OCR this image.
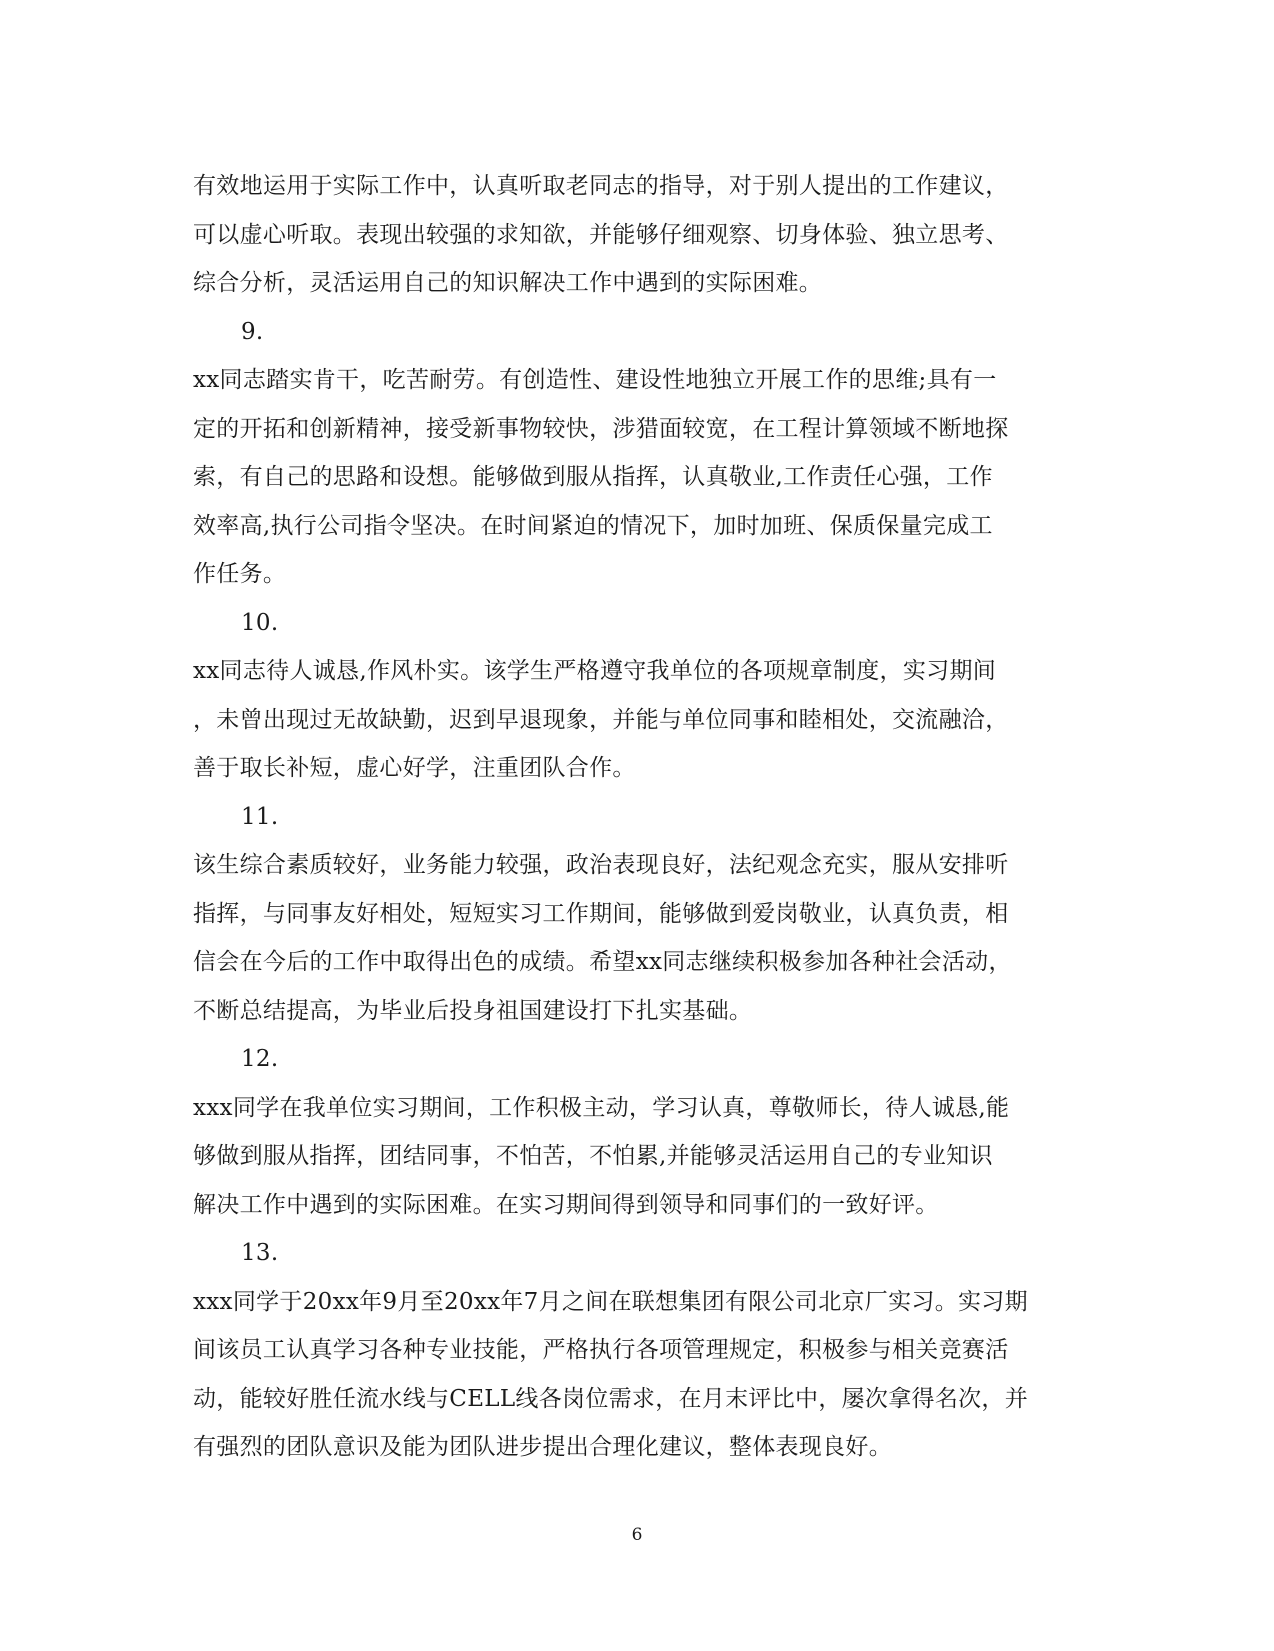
有效地运用于实际工作中，认真听取老同志的指导，对于别人提出的工作建议，
可以虚心听取。表现出较强的求知欲，并能够仔细观察、切身体验、独立思考、
综合分析，灵活运用自己的知识解决工作中遇到的实际困难。
9.
xx同志踏实肯干，吃苦耐劳。有创造性、建设性地独立开展工作的思维;具有一
定的开拓和创新精神，接受新事物较快，涉猎面较宽，在工程计算领域不断地探
索，有自己的思路和设想。能够做到服从指挥，认真敬业,工作责任心强，工作
效率高,执行公司指令坚决。在时间紧迫的情况下，加时加班、保质保量完成工
作任务。
10.
xx同志待人诚恳,作风朴实。该学生严格遵守我单位的各项规章制度，实习期间
，未曾出现过无故缺勤，迟到早退现象，并能与单位同事和睦相处，交流融洽，
善于取长补短，虚心好学，注重团队合作。
11.
该生综合素质较好，业务能力较强，政治表现良好，法纪观念充实，服从安排听
指挥，与同事友好相处，短短实习工作期间，能够做到爱岗敬业，认真负责，相
信会在今后的工作中取得出色的成绩。希望xx同志继续积极参加各种社会活动，
不断总结提高，为毕业后投身祖国建设打下扎实基础。
12.
xxx同学在我单位实习期间，工作积极主动，学习认真，尊敬师长，待人诚恳,能
够做到服从指挥，团结同事，不怕苦，不怕累,并能够灵活运用自己的专业知识
解决工作中遇到的实际困难。在实习期间得到领导和同事们的一致好评。
13.
xxx同学于20xx年9月至20xx年7月之间在联想集团有限公司北京厂实习。实习期
间该员工认真学习各种专业技能，严格执行各项管理规定，积极参与相关竞赛活
动，能较好胜任流水线与CELL线各岗位需求，在月末评比中，屡次拿得名次，并
有强烈的团队意识及能为团队进步提出合理化建议，整体表现良好。
6
